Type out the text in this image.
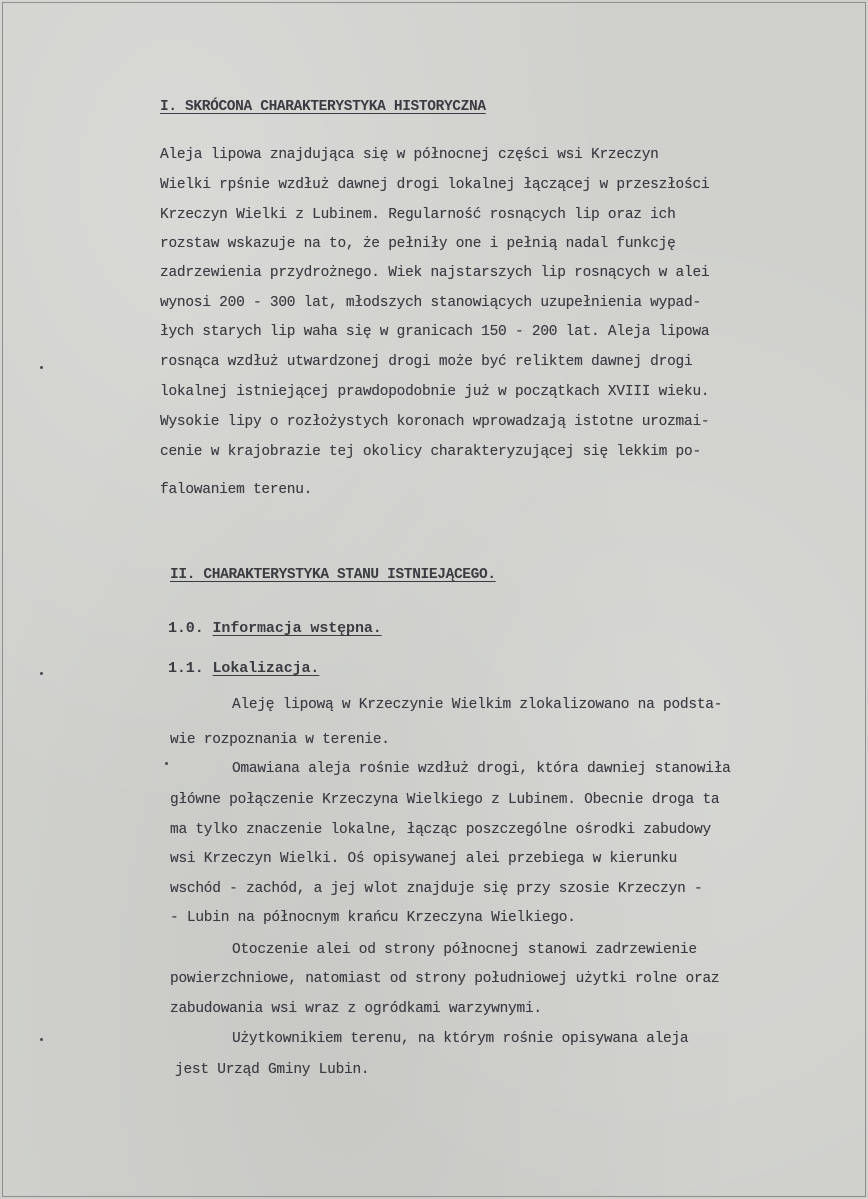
I. SKRÓCONA CHARAKTERYSTYKA HISTORYCZNA

Aleja lipowa znajdująca się w północnej części wsi Krzeczyn

Wielki rpśnie wzdłuż dawnej drogi lokalnej łączącej w przeszłości

Krzeczyn Wielki z Lubinem. Regularność rosnących lip oraz ich

rozstaw wskazuje na to, że pełniły one i pełnią nadal funkcję

zadrzewienia przydrożnego. Wiek najstarszych lip rosnących w alei

wynosi 200 - 300 lat, młodszych stanowiących uzupełnienia wypad-

łych starych lip waha się w granicach 150 - 200 lat. Aleja lipowa

rosnąca wzdłuż utwardzonej drogi może być reliktem dawnej drogi

lokalnej istniejącej prawdopodobnie już w początkach XVIII wieku.

Wysokie lipy o rozłożystych koronach wprowadzają istotne urozmai-

cenie w krajobrazie tej okolicy charakteryzującej się lekkim po-

falowaniem terenu.

II. CHARAKTERYSTYKA STANU ISTNIEJĄCEGO.
1.0. Informacja wstępna.
1.1. Lokalizacja.

Aleję lipową w Krzeczynie Wielkim zlokalizowano na podsta-

wie rozpoznania w terenie.

Omawiana aleja rośnie wzdłuż drogi, która dawniej stanowiła

główne połączenie Krzeczyna Wielkiego z Lubinem. Obecnie droga ta

ma tylko znaczenie lokalne, łącząc poszczególne ośrodki zabudowy

wsi Krzeczyn Wielki. Oś opisywanej alei przebiega w kierunku

wschód - zachód, a jej wlot znajduje się przy szosie Krzeczyn -

- Lubin na północnym krańcu Krzeczyna Wielkiego.

Otoczenie alei od strony północnej stanowi zadrzewienie

powierzchniowe, natomiast od strony południowej użytki rolne oraz

zabudowania wsi wraz z ogródkami warzywnymi.

Użytkownikiem terenu, na którym rośnie opisywana aleja

jest Urząd Gminy Lubin.
